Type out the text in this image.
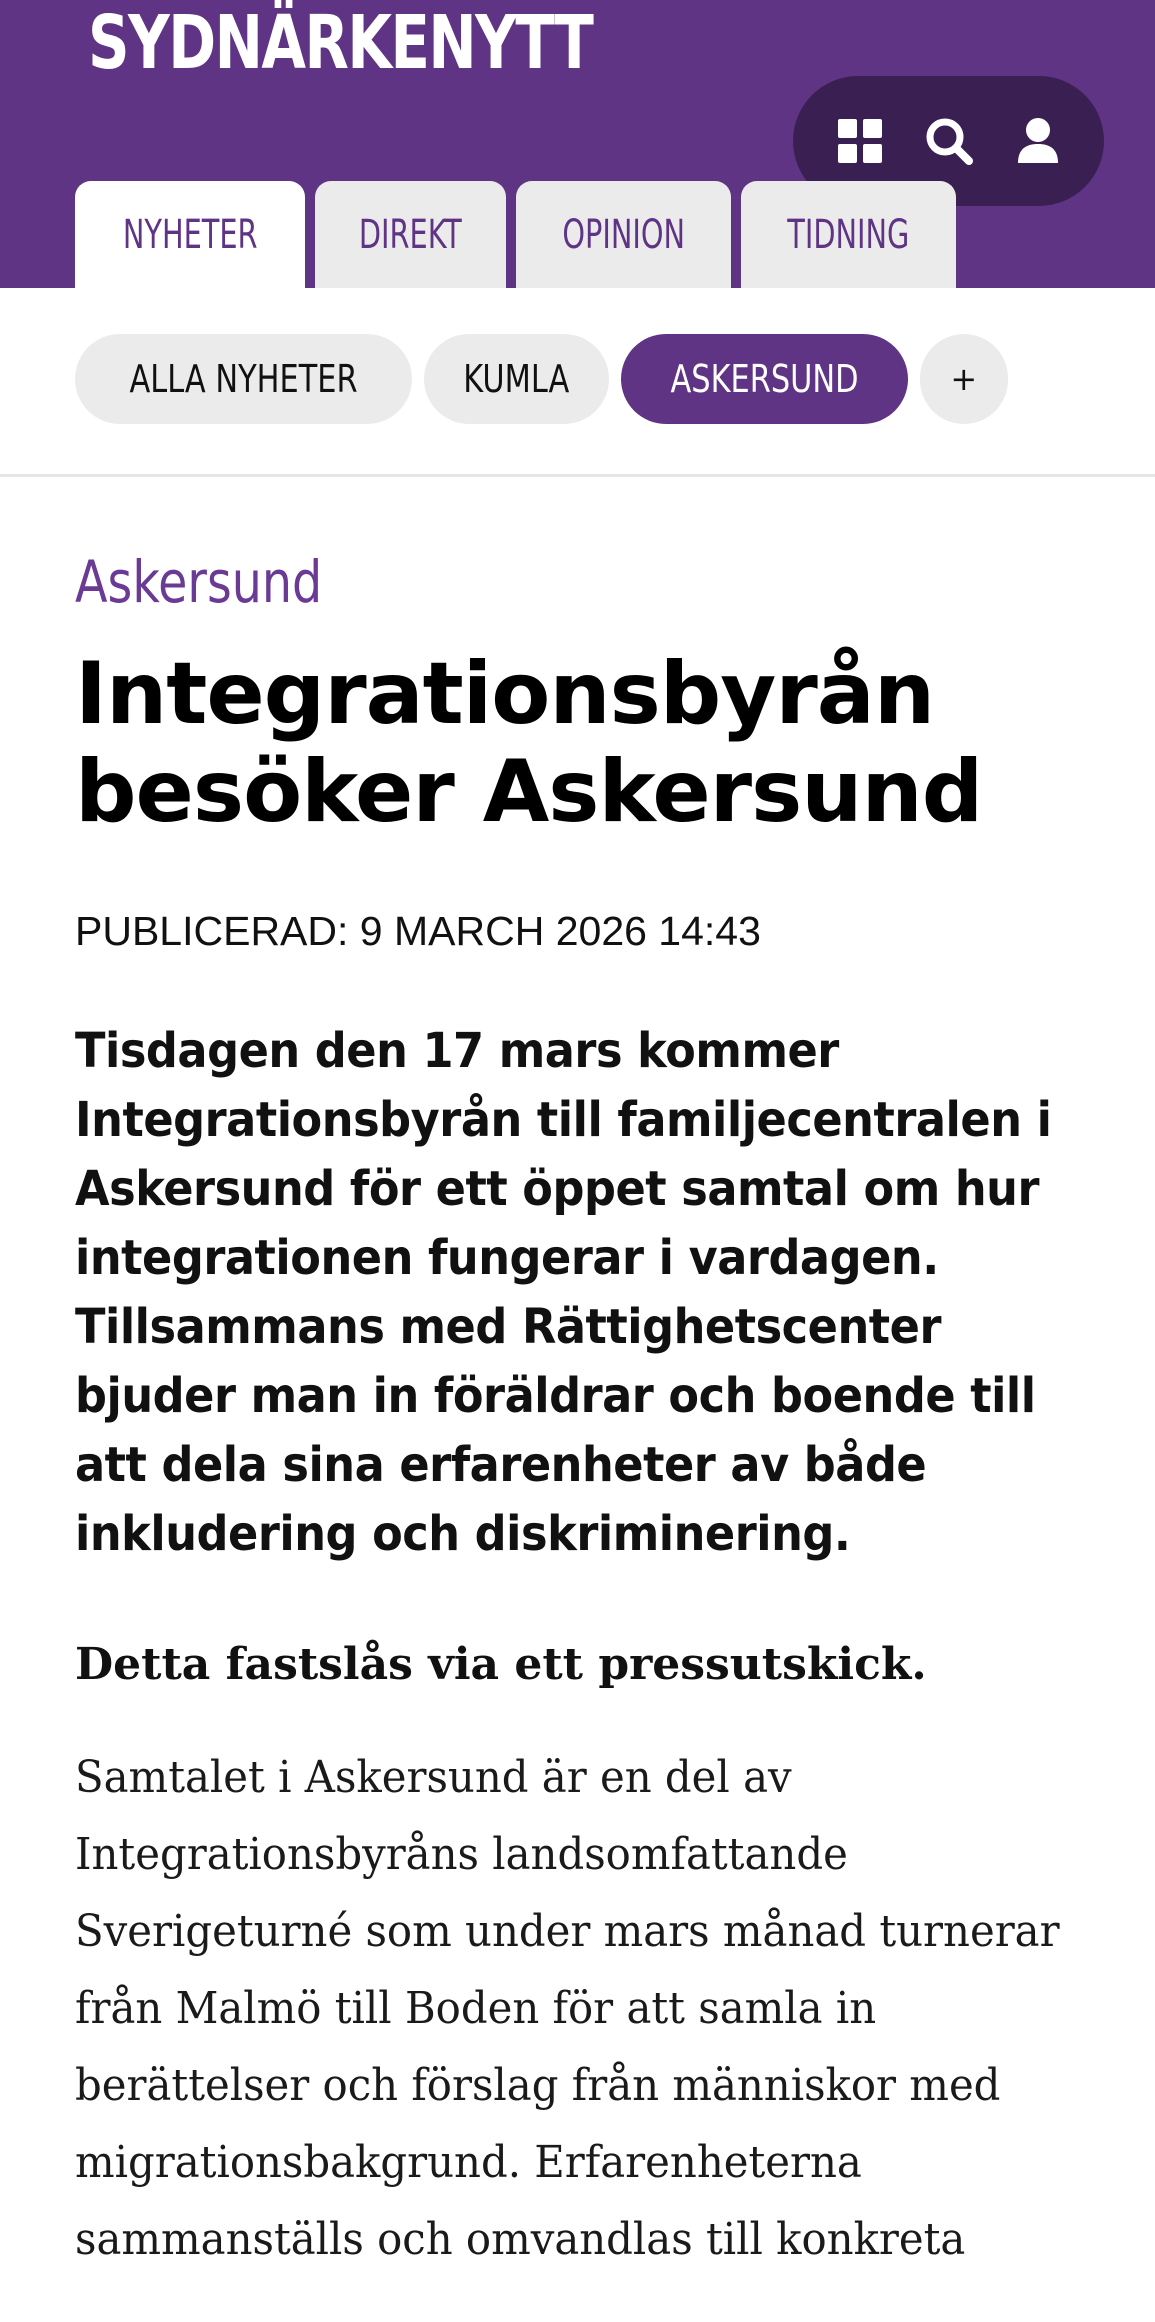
SYDNÄRKENYTT
NYHETER	DIREKT	OPINION	TIDNING
ALLA NYHETER	KUMLA	ASKERSUND	+
Askersund
Integrationsbyrån besöker Askersund
PUBLICERAD: 9 MARCH 2026 14:43

Tisdagen den 17 mars kommer Integrationsbyrån till familjecentralen i Askersund för ett öppet samtal om hur integrationen fungerar i vardagen. Tillsammans med Rättighetscenter bjuder man in föräldrar och boende till att dela sina erfarenheter av både inkludering och diskriminering.

Detta fastslås via ett pressutskick.

Samtalet i Askersund är en del av Integrationsbyråns landsomfattande Sverigeturné som under mars månad turnerar från Malmö till Boden för att samla in berättelser och förslag från människor med migrationsbakgrund. Erfarenheterna sammanställs och omvandlas till konkreta
